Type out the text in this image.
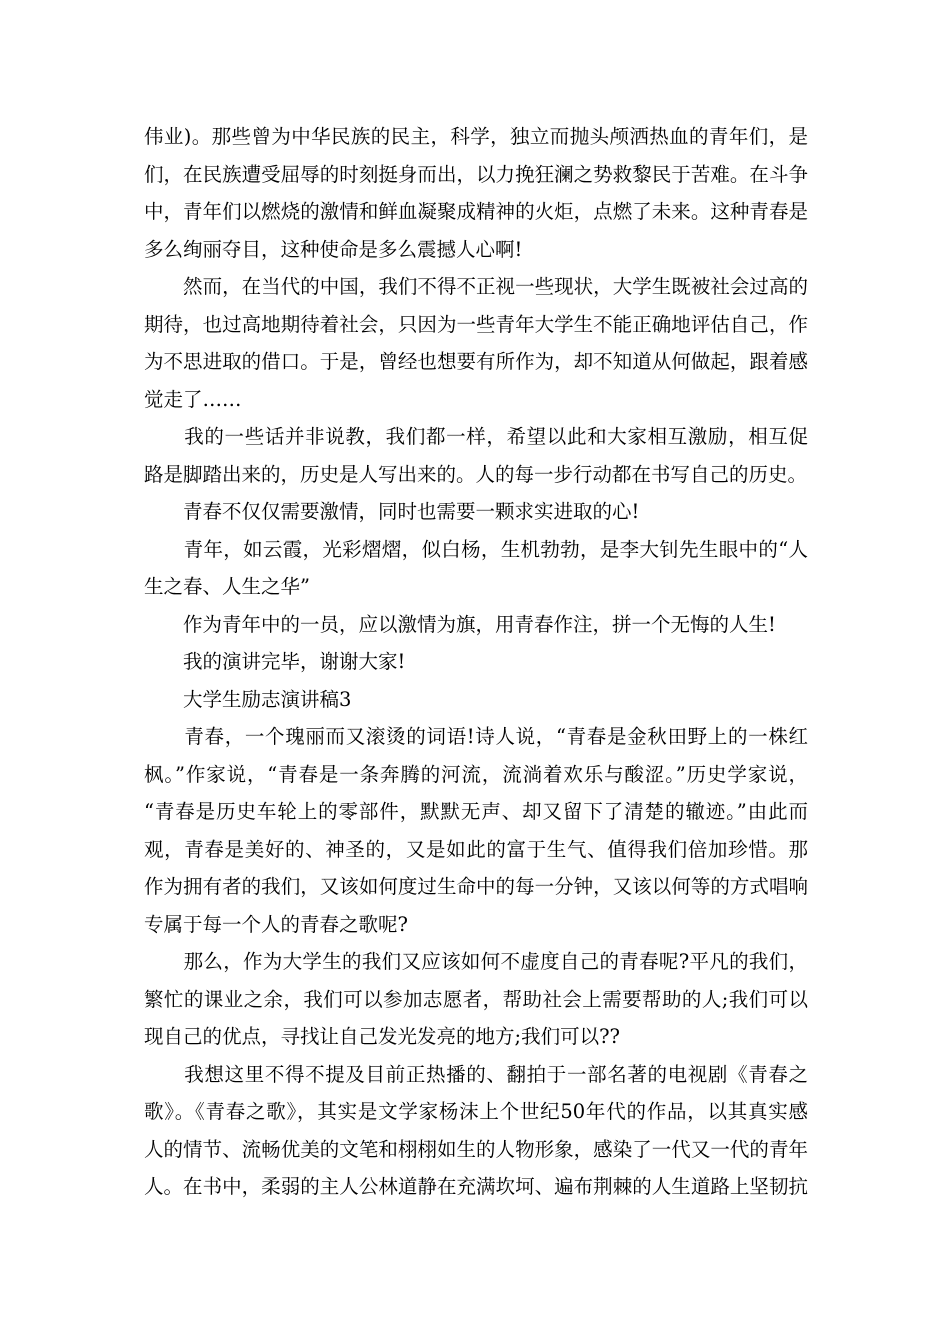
伟业)。那些曾为中华民族的民主，科学，独立而抛头颅洒热血的青年们，是
们，在民族遭受屈辱的时刻挺身而出，以力挽狂澜之势救黎民于苦难。在斗争
中，青年们以燃烧的激情和鲜血凝聚成精神的火炬，点燃了未来。这种青春是
多么绚丽夺目，这种使命是多么震撼人心啊!
　　然而，在当代的中国，我们不得不正视一些现状，大学生既被社会过高的
期待，也过高地期待着社会，只因为一些青年大学生不能正确地评估自己，作
为不思进取的借口。于是，曾经也想要有所作为，却不知道从何做起，跟着感
觉走了……
　　我的一些话并非说教，我们都一样，希望以此和大家相互激励，相互促
路是脚踏出来的，历史是人写出来的。人的每一步行动都在书写自己的历史。
　　青春不仅仅需要激情，同时也需要一颗求实进取的心!
　　青年，如云霞，光彩熠熠，似白杨，生机勃勃，是李大钊先生眼中的“人
生之春、人生之华”
　　作为青年中的一员，应以激情为旗，用青春作注，拼一个无悔的人生!
　　我的演讲完毕，谢谢大家!
　　大学生励志演讲稿3
　　青春，一个瑰丽而又滚烫的词语!诗人说，“青春是金秋田野上的一株红
枫。”作家说，“青春是一条奔腾的河流，流淌着欢乐与酸涩。”历史学家说，
“青春是历史车轮上的零部件，默默无声、却又留下了清楚的辙迹。”由此而
观，青春是美好的、神圣的，又是如此的富于生气、值得我们倍加珍惜。那
作为拥有者的我们，又该如何度过生命中的每一分钟，又该以何等的方式唱响
专属于每一个人的青春之歌呢?
　　那么，作为大学生的我们又应该如何不虚度自己的青春呢?平凡的我们，
繁忙的课业之余，我们可以参加志愿者，帮助社会上需要帮助的人;我们可以
现自己的优点，寻找让自己发光发亮的地方;我们可以??
　　我想这里不得不提及目前正热播的、翻拍于一部名著的电视剧《青春之
歌》。《青春之歌》，其实是文学家杨沫上个世纪50年代的作品，以其真实感
人的情节、流畅优美的文笔和栩栩如生的人物形象，感染了一代又一代的青年
人。在书中，柔弱的主人公林道静在充满坎坷、遍布荆棘的人生道路上坚韧抗
